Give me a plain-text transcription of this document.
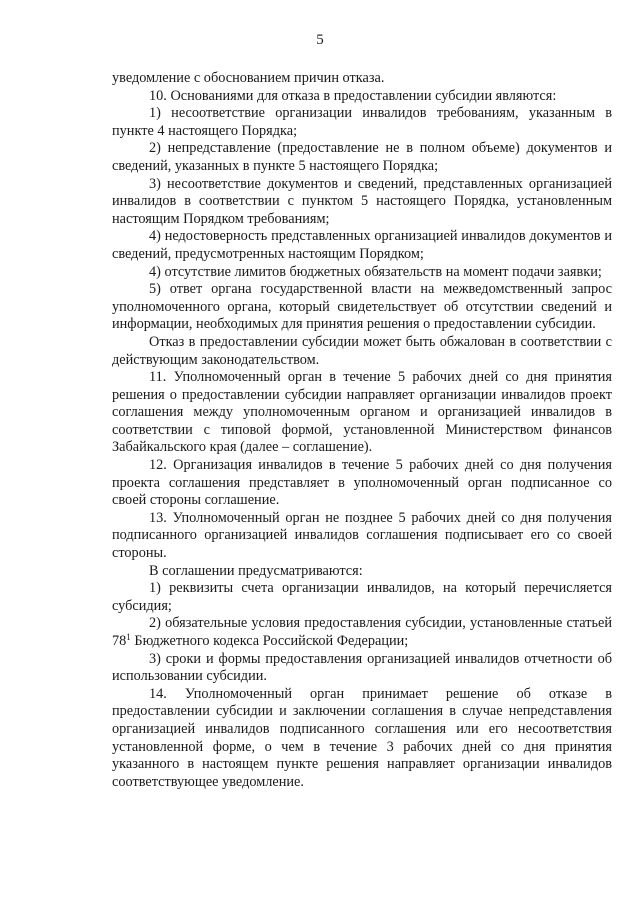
5

уведомление с обоснованием причин отказа.

10. Основаниями для отказа в предоставлении субсидии являются:

1) несоответствие организации инвалидов требованиям, указанным в пункте 4 настоящего Порядка;

2) непредставление (предоставление не в полном объеме) документов и сведений, указанных в пункте 5 настоящего Порядка;

3) несоответствие документов и сведений, представленных организацией инвалидов в соответствии с пунктом 5 настоящего Порядка, установленным настоящим Порядком требованиям;

4) недостоверность представленных организацией инвалидов документов и сведений, предусмотренных настоящим Порядком;

4) отсутствие лимитов бюджетных обязательств на момент подачи заявки;

5) ответ органа государственной власти на межведомственный запрос уполномоченного органа, который свидетельствует об отсутствии сведений и информации, необходимых для принятия решения о предоставлении субсидии.

Отказ в предоставлении субсидии может быть обжалован в соответствии с действующим законодательством.

11. Уполномоченный орган в течение 5 рабочих дней со дня принятия решения о предоставлении субсидии направляет организации инвалидов проект соглашения между уполномоченным органом и организацией инвалидов в соответствии с типовой формой, установленной Министерством финансов Забайкальского края (далее – соглашение).

12. Организация инвалидов в течение 5 рабочих дней со дня получения проекта соглашения представляет в уполномоченный орган подписанное со своей стороны соглашение.

13. Уполномоченный орган не позднее 5 рабочих дней со дня получения подписанного организацией инвалидов соглашения подписывает его со своей стороны.

В соглашении предусматриваются:

1) реквизиты счета организации инвалидов, на который перечисляется субсидия;

2) обязательные условия предоставления субсидии, установленные статьей $78^1$ Бюджетного кодекса Российской Федерации;

3) сроки и формы предоставления организацией инвалидов отчетности об использовании субсидии.

14. Уполномоченный орган принимает решение об отказе в предоставлении субсидии и заключении соглашения в случае непредставления организацией инвалидов подписанного соглашения или его несоответствия установленной форме, о чем в течение 3 рабочих дней со дня принятия указанного в настоящем пункте решения направляет организации инвалидов соответствующее уведомление.
